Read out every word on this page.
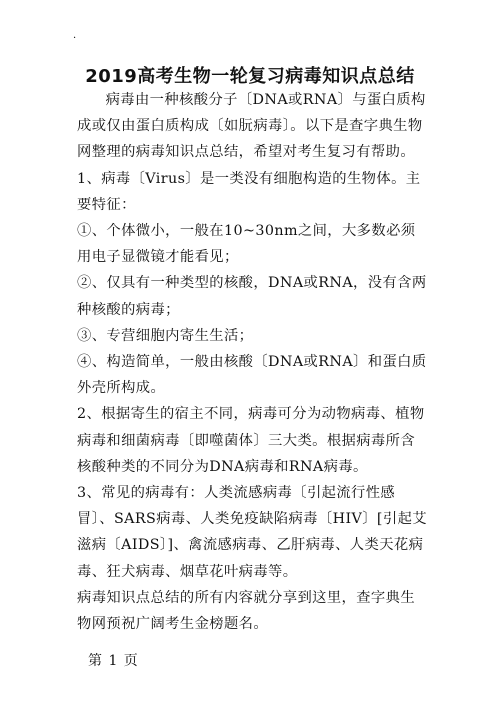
·
2019高考生物一轮复习病毒知识点总结

病毒由一种核酸分子〔DNA或RNA〕与蛋白质构成或仅由蛋白质构成〔如朊病毒〕。以下是查字典生物网整理的病毒知识点总结，希望对考生复习有帮助。

1、病毒〔Virus〕是一类没有细胞构造的生物体。主要特征：

①、个体微小，一般在10~30nm之间，大多数必须用电子显微镜才能看见；

②、仅具有一种类型的核酸，DNA或RNA，没有含两种核酸的病毒；

③、专营细胞内寄生生活；

④、构造简单，一般由核酸〔DNA或RNA〕和蛋白质外壳所构成。

2、根据寄生的宿主不同，病毒可分为动物病毒、植物病毒和细菌病毒〔即噬菌体〕三大类。根据病毒所含核酸种类的不同分为DNA病毒和RNA病毒。

3、常见的病毒有：人类流感病毒〔引起流行性感冒〕、SARS病毒、人类免疫缺陷病毒〔HIV〕[引起艾滋病〔AIDS〕]、禽流感病毒、乙肝病毒、人类天花病毒、狂犬病毒、烟草花叶病毒等。

病毒知识点总结的所有内容就分享到这里，查字典生物网预祝广阔考生金榜题名。

第 1 页
